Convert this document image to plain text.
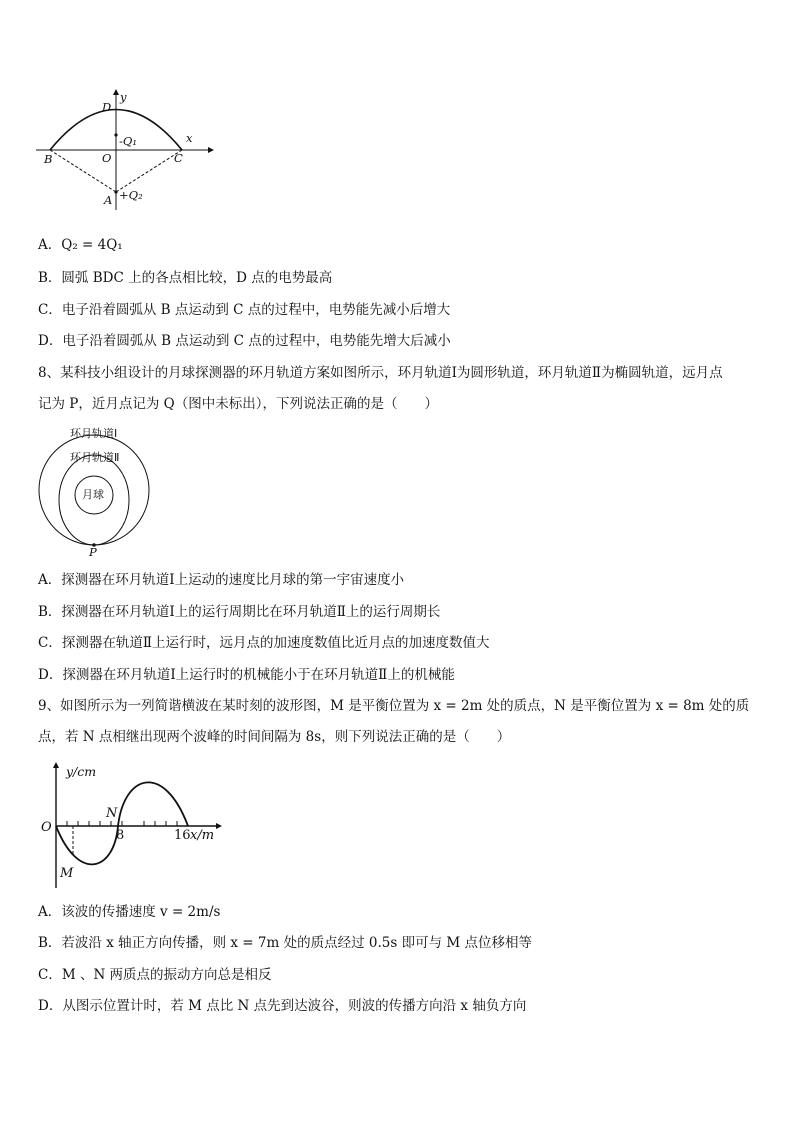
D
y
x
-Q₁
B	O	C
A +Q₂
A．Q₂ = 4Q₁
B．圆弧 BDC 上的各点相比较，D 点的电势最高
C．电子沿着圆弧从 B 点运动到 C 点的过程中，电势能先减小后增大
D．电子沿着圆弧从 B 点运动到 C 点的过程中，电势能先增大后减小
8、某科技小组设计的月球探测器的环月轨道方案如图所示，环月轨道Ⅰ为圆形轨道，环月轨道Ⅱ为椭圆轨道，远月点
记为 P，近月点记为 Q（图中未标出），下列说法正确的是（　　）
环月轨道Ⅰ
环月轨道Ⅱ
月球
P
A．探测器在环月轨道Ⅰ上运动的速度比月球的第一宇宙速度小
B．探测器在环月轨道Ⅰ上的运行周期比在环月轨道Ⅱ上的运行周期长
C．探测器在轨道Ⅱ上运行时，远月点的加速度数值比近月点的加速度数值大
D．探测器在环月轨道Ⅰ上运行时的机械能小于在环月轨道Ⅱ上的机械能
9、如图所示为一列简谐横波在某时刻的波形图，M 是平衡位置为 x = 2m 处的质点，N 是平衡位置为 x = 8m 处的质
点，若 N 点相继出现两个波峰的时间间隔为 8s，则下列说法正确的是（　　）
y/cm
O
N
8	16 x/m
M
A．该波的传播速度 v = 2m/s
B．若波沿 x 轴正方向传播，则 x = 7m 处的质点经过 0.5s 即可与 M 点位移相等
C．M 、N 两质点的振动方向总是相反
D．从图示位置计时，若 M 点比 N 点先到达波谷，则波的传播方向沿 x 轴负方向
